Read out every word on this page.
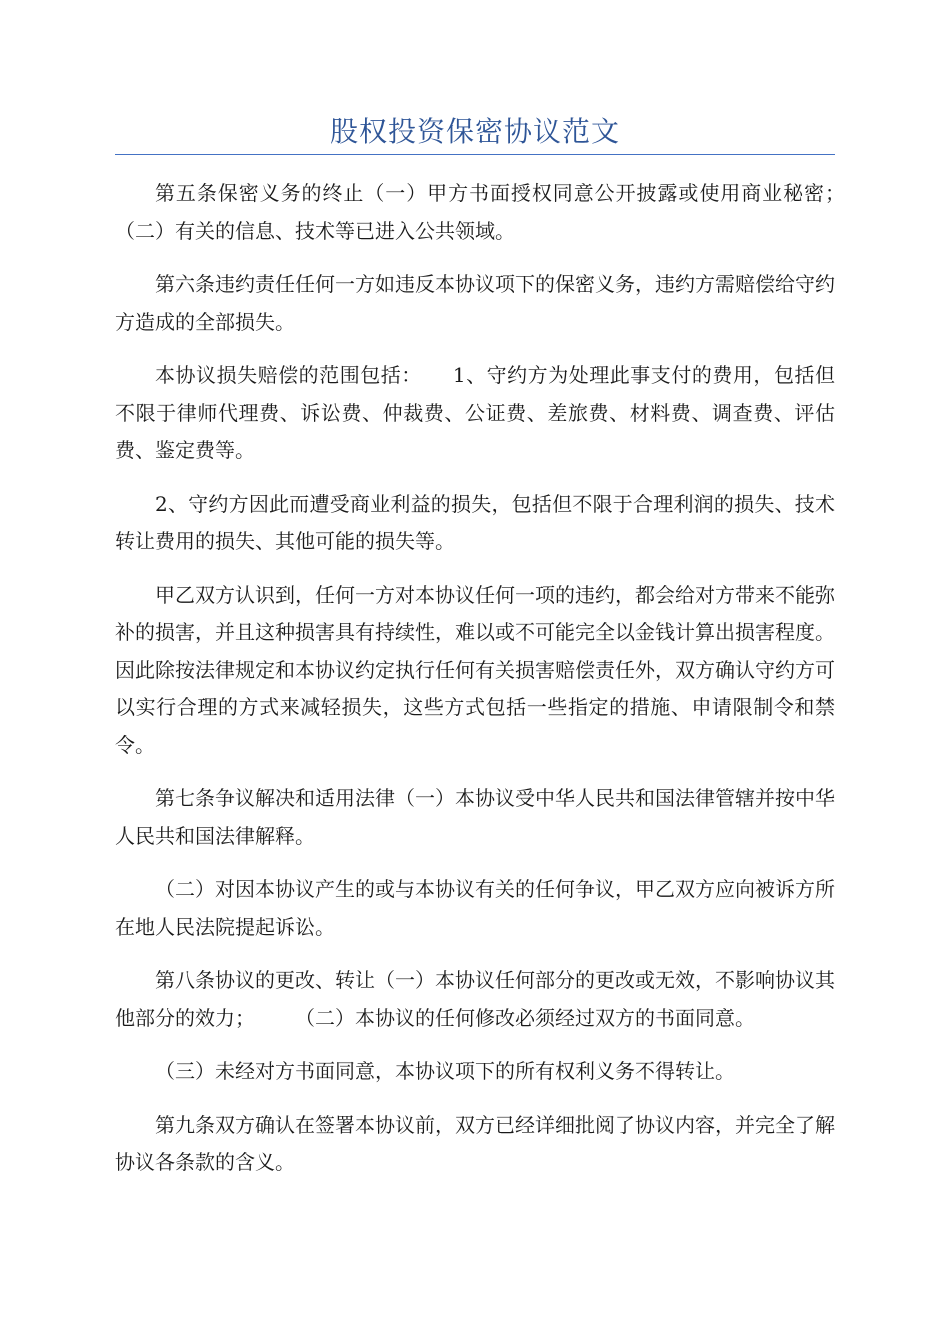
股权投资保密协议范文

第五条保密义务的终止（一）甲方书面授权同意公开披露或使用商业秘密；　　　（二）有关的信息、技术等已进入公共领域。

第六条违约责任任何一方如违反本协议项下的保密义务，违约方需赔偿给守约方造成的全部损失。

本协议损失赔偿的范围包括：　　1、守约方为处理此事支付的费用，包括但不限于律师代理费、诉讼费、仲裁费、公证费、差旅费、材料费、调查费、评估费、鉴定费等。

2、守约方因此而遭受商业利益的损失，包括但不限于合理利润的损失、技术转让费用的损失、其他可能的损失等。

甲乙双方认识到，任何一方对本协议任何一项的违约，都会给对方带来不能弥补的损害，并且这种损害具有持续性，难以或不可能完全以金钱计算出损害程度。因此除按法律规定和本协议约定执行任何有关损害赔偿责任外，双方确认守约方可以实行合理的方式来减轻损失，这些方式包括一些指定的措施、申请限制令和禁令。

第七条争议解决和适用法律（一）本协议受中华人民共和国法律管辖并按中华人民共和国法律解释。

（二）对因本协议产生的或与本协议有关的任何争议，甲乙双方应向被诉方所在地人民法院提起诉讼。

第八条协议的更改、转让（一）本协议任何部分的更改或无效，不影响协议其他部分的效力；　　　（二）本协议的任何修改必须经过双方的书面同意。

（三）未经对方书面同意，本协议项下的所有权利义务不得转让。

第九条双方确认在签署本协议前，双方已经详细批阅了协议内容，并完全了解协议各条款的含义。
